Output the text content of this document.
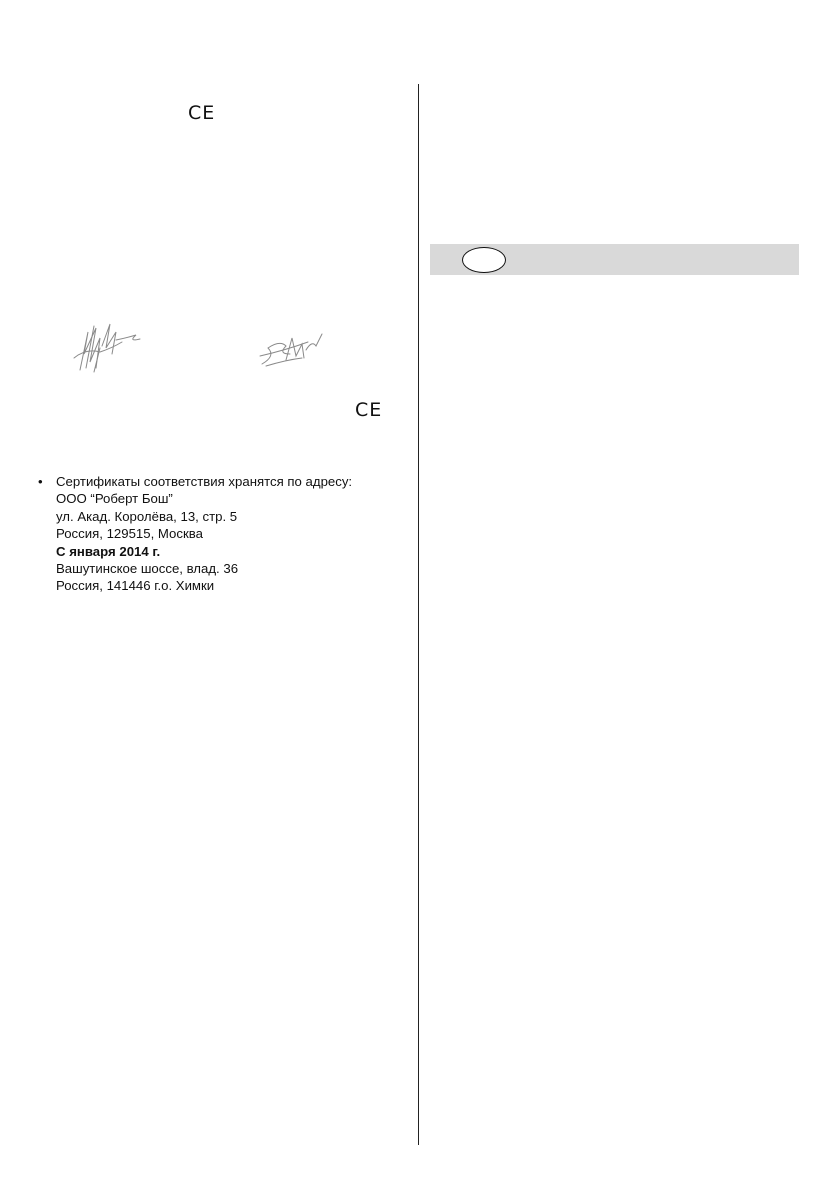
CE
CE
• Сертификаты соответствия хранятся по адресу:
ООО “Роберт Бош”
ул. Акад. Королёва, 13, стр. 5
Россия, 129515, Москва
С января 2014 г.
Вашутинское шоссе, влад. 36
Россия, 141446 г.о. Химки
